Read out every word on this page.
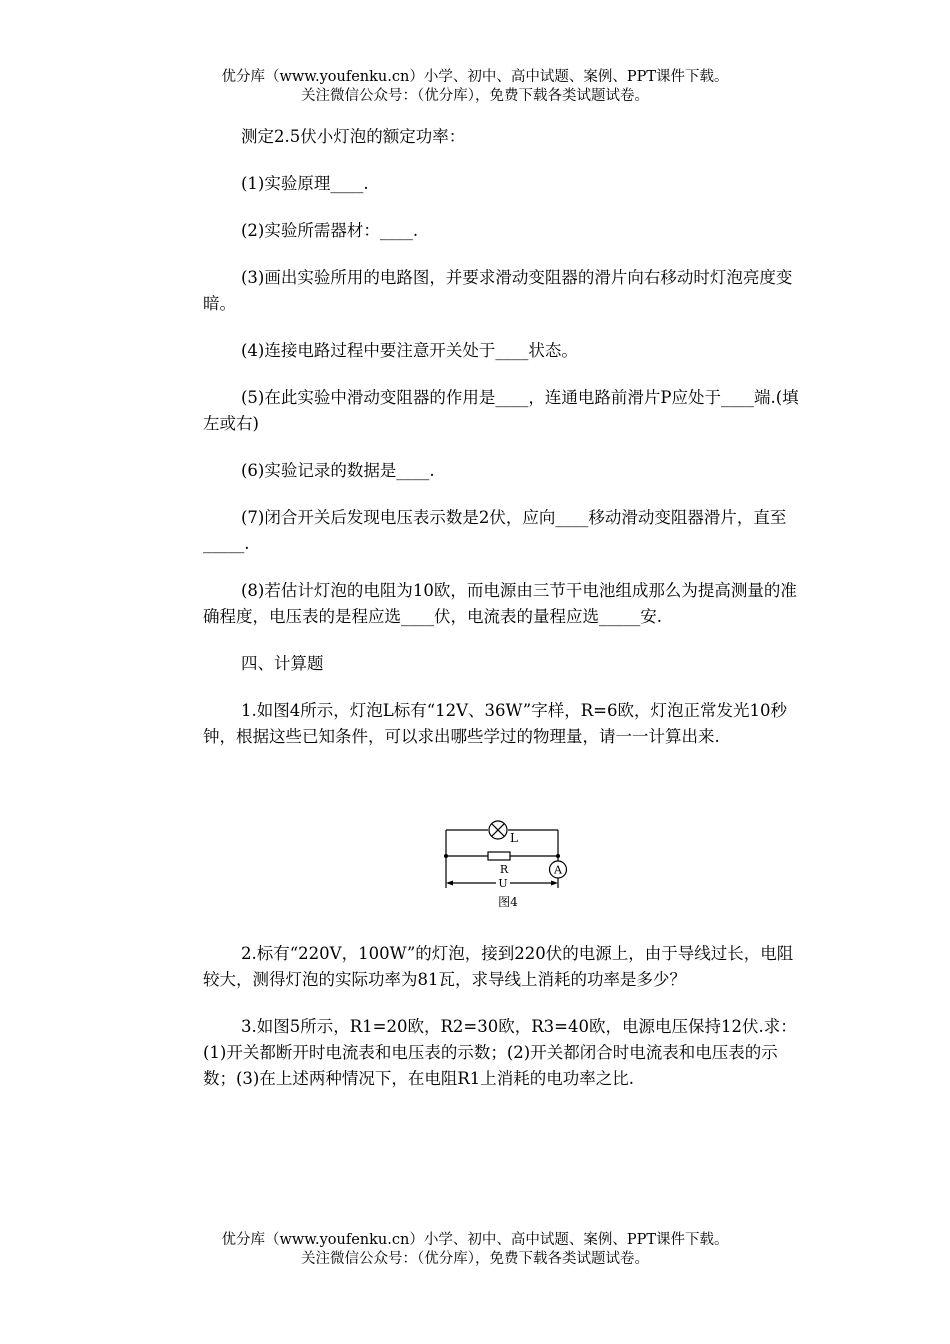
优分库（www.youfenku.cn）小学、初中、高中试题、案例、PPT课件下载。
关注微信公众号：（优分库），免费下载各类试题试卷。

测定2.5伏小灯泡的额定功率：

(1)实验原理____.

(2)实验所需器材：____.

(3)画出实验所用的电路图，并要求滑动变阻器的滑片向右移动时灯泡亮度变暗。

(4)连接电路过程中要注意开关处于____状态。

(5)在此实验中滑动变阻器的作用是____，连通电路前滑片P应处于____端.(填左或右)

(6)实验记录的数据是____.

(7)闭合开关后发现电压表示数是2伏，应向____移动滑动变阻器滑片，直至_____.

(8)若估计灯泡的电阻为10欧，而电源由三节干电池组成那么为提高测量的准确程度，电压表的是程应选____伏，电流表的量程应选_____安.

四、计算题

1.如图4所示，灯泡L标有“12V、36W”字样，R=6欧，灯泡正常发光10秒钟，根据这些已知条件，可以求出哪些学过的物理量，请一一计算出来.

A
L
R
U
图4

2.标有“220V，100W”的灯泡，接到220伏的电源上，由于导线过长，电阻较大，测得灯泡的实际功率为81瓦，求导线上消耗的功率是多少？

3.如图5所示，R1=20欧，R2=30欧，R3=40欧，电源电压保持12伏.求：(1)开关都断开时电流表和电压表的示数；(2)开关都闭合时电流表和电压表的示数；(3)在上述两种情况下，在电阻R1上消耗的电功率之比.

优分库（www.youfenku.cn）小学、初中、高中试题、案例、PPT课件下载。
关注微信公众号：（优分库），免费下载各类试题试卷。
